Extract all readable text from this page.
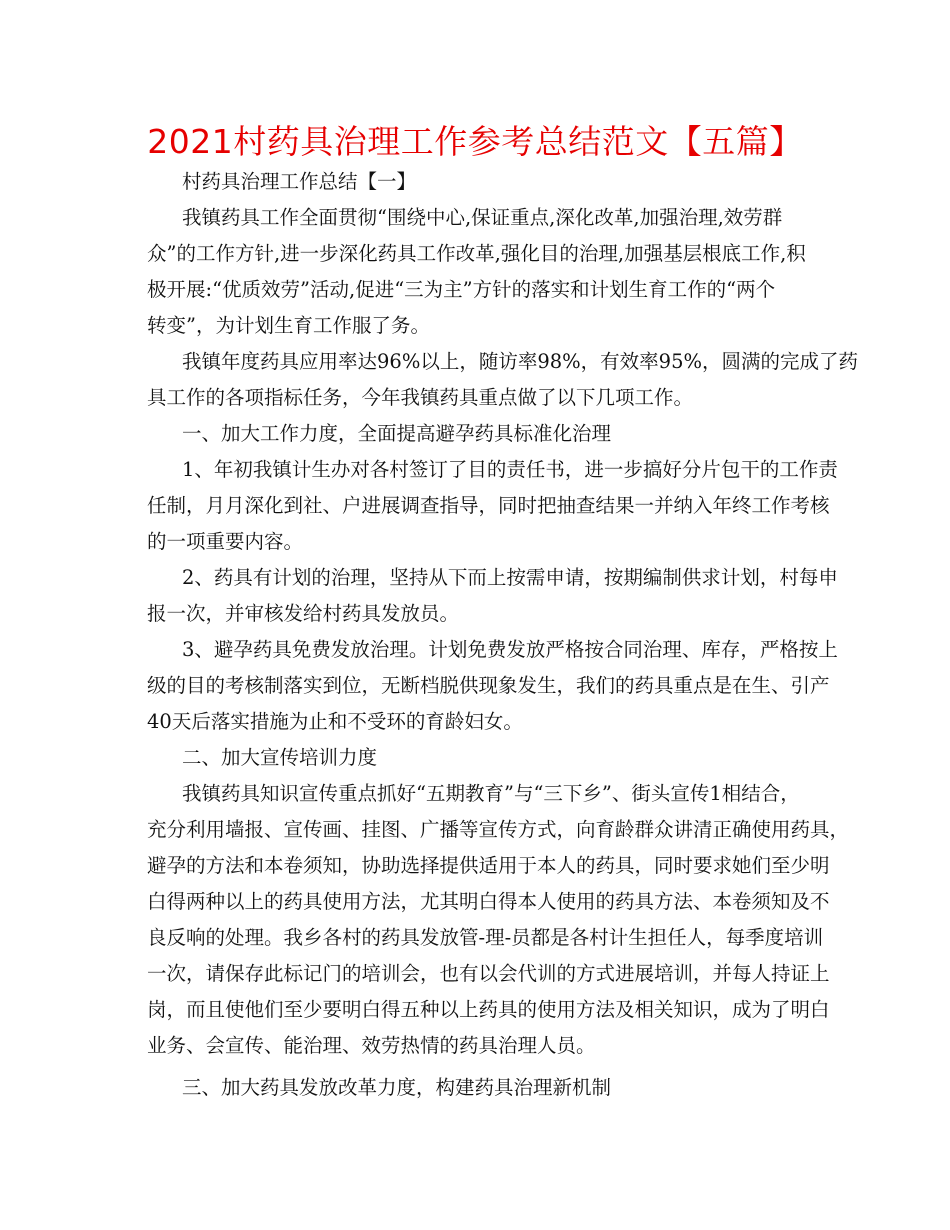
2021村药具治理工作参考总结范文【五篇】
村药具治理工作总结【一】
我镇药具工作全面贯彻“围绕中心,保证重点,深化改革,加强治理,效劳群
众”的工作方针,进一步深化药具工作改革,强化目的治理,加强基层根底工作,积
极开展:“优质效劳”活动,促进“三为主”方针的落实和计划生育工作的“两个
转变”，为计划生育工作服了务。
我镇年度药具应用率达96%以上，随访率98%，有效率95%，圆满的完成了药
具工作的各项指标任务，今年我镇药具重点做了以下几项工作。
一、加大工作力度，全面提高避孕药具标准化治理
1、年初我镇计生办对各村签订了目的责任书，进一步搞好分片包干的工作责
任制，月月深化到社、户进展调查指导，同时把抽查结果一并纳入年终工作考核
的一项重要内容。
2、药具有计划的治理，坚持从下而上按需申请，按期编制供求计划，村每申
报一次，并审核发给村药具发放员。
3、避孕药具免费发放治理。计划免费发放严格按合同治理、库存，严格按上
级的目的考核制落实到位，无断档脱供现象发生，我们的药具重点是在生、引产
40天后落实措施为止和不受环的育龄妇女。
二、加大宣传培训力度
我镇药具知识宣传重点抓好“五期教育”与“三下乡”、街头宣传1相结合，
充分利用墙报、宣传画、挂图、广播等宣传方式，向育龄群众讲清正确使用药具，
避孕的方法和本卷须知，协助选择提供适用于本人的药具，同时要求她们至少明
白得两种以上的药具使用方法，尤其明白得本人使用的药具方法、本卷须知及不
良反响的处理。我乡各村的药具发放管-理-员都是各村计生担任人，每季度培训
一次，请保存此标记门的培训会，也有以会代训的方式进展培训，并每人持证上
岗，而且使他们至少要明白得五种以上药具的使用方法及相关知识，成为了明白
业务、会宣传、能治理、效劳热情的药具治理人员。
三、加大药具发放改革力度，构建药具治理新机制
